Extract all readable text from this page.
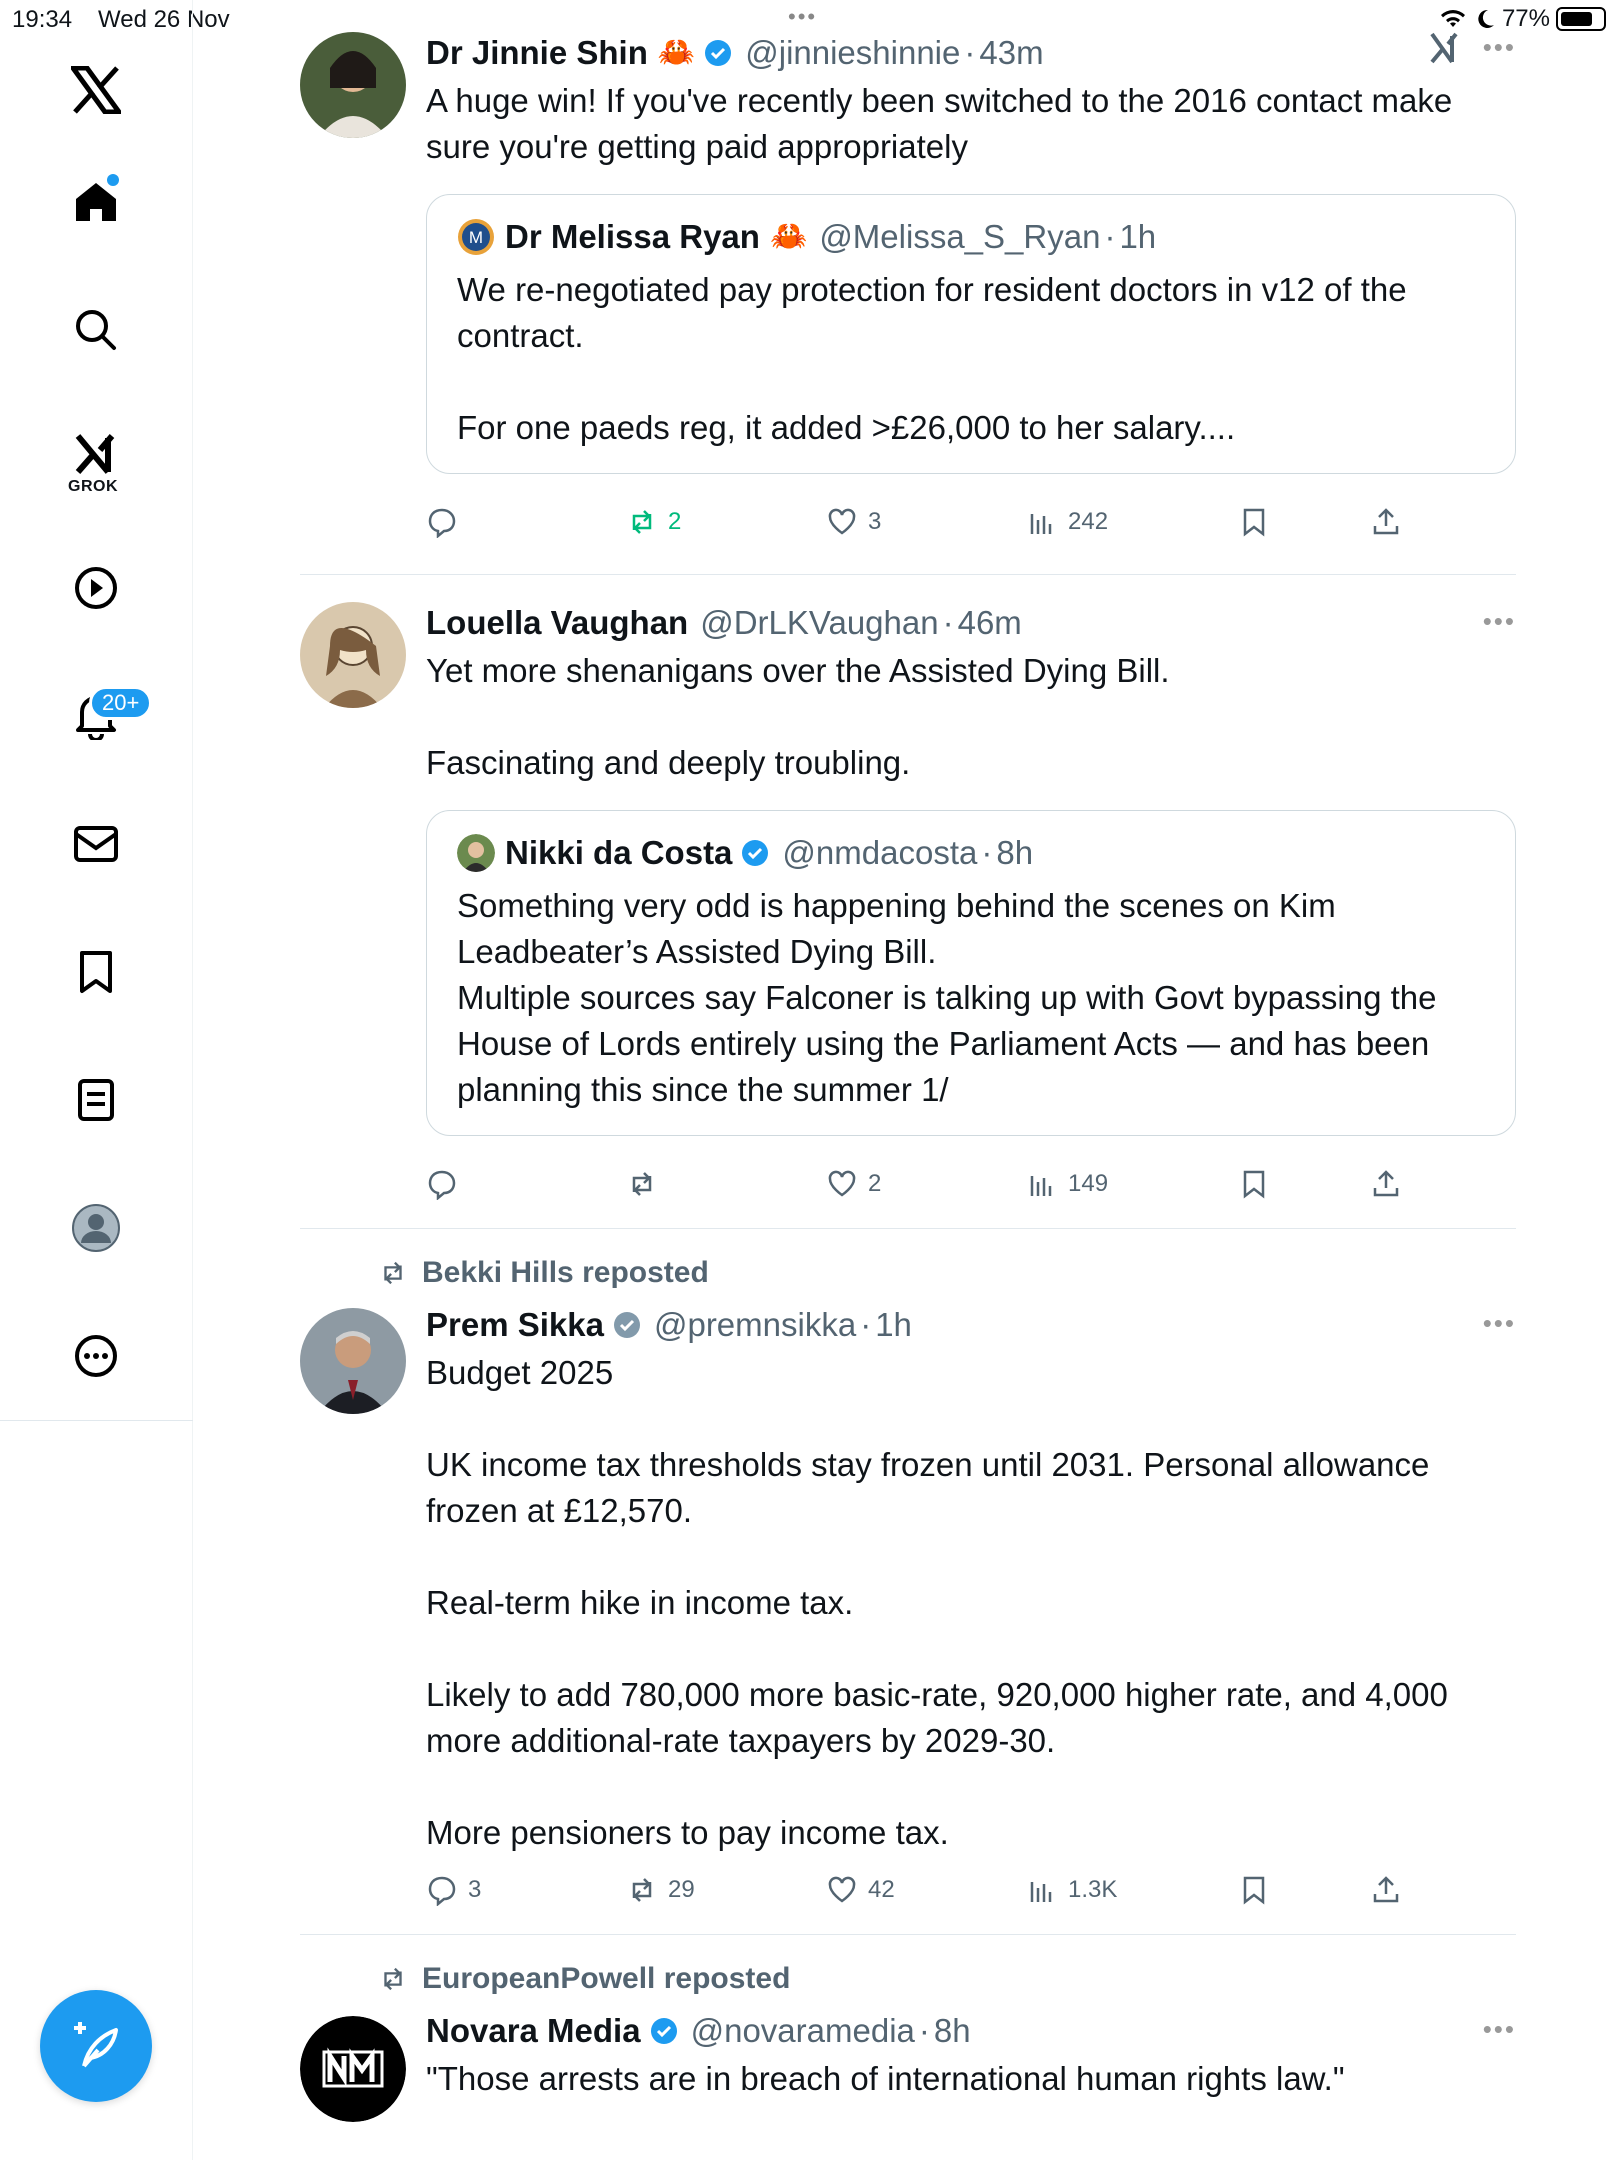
19:34 Wed 26 Nov	•••	77%
GROK
20+
Dr Jinnie Shin 🦀 @jinnieshinnie · 43m	•••
A huge win! If you've recently been switched to the 2016 contact make sure you're getting paid appropriately
M Dr Melissa Ryan 🦀 @Melissa_S_Ryan · 1h
We re-negotiated pay protection for resident doctors in v12 of the contract.

For one paeds reg, it added >£26,000 to her salary....
2	3	242
Louella Vaughan @DrLKVaughan · 46m	•••
Yet more shenanigans over the Assisted Dying Bill.

Fascinating and deeply troubling.
Nikki da Costa @nmdacosta · 8h
Something very odd is happening behind the scenes on Kim Leadbeater’s Assisted Dying Bill.
Multiple sources say Falconer is talking up with Govt bypassing the House of Lords entirely using the Parliament Acts — and has been planning this since the summer 1/
2	149
Bekki Hills reposted
Prem Sikka @premnsikka · 1h	•••
Budget 2025

UK income tax thresholds stay frozen until 2031. Personal allowance frozen at £12,570.

Real-term hike in income tax.

Likely to add 780,000 more basic-rate, 920,000 higher rate, and 4,000 more additional-rate taxpayers by 2029-30.

More pensioners to pay income tax.
3	29	42	1.3K
EuropeanPowell reposted
Novara Media @novaramedia · 8h	•••
"Those arrests are in breach of international human rights law."
